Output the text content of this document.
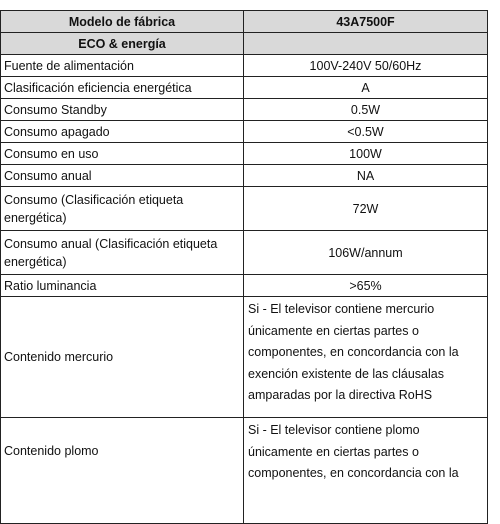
Modelo de fábrica	43A7500F
ECO & energía	
Fuente de alimentación	100V-240V 50/60Hz
Clasificación eficiencia energética	A
Consumo Standby	0.5W
Consumo apagado	<0.5W
Consumo en uso	100W
Consumo anual	NA
Consumo (Clasificación etiqueta energética)	72W
Consumo anual (Clasificación etiqueta energética)	106W/annum
Ratio luminancia	>65%
Contenido mercurio	Si - El televisor contiene mercurio únicamente en ciertas partes o componentes, en concordancia con la exención existente de las cláusalas amparadas por la directiva RoHS
Contenido plomo	Si - El televisor contiene plomo únicamente en ciertas partes o componentes, en concordancia con la
